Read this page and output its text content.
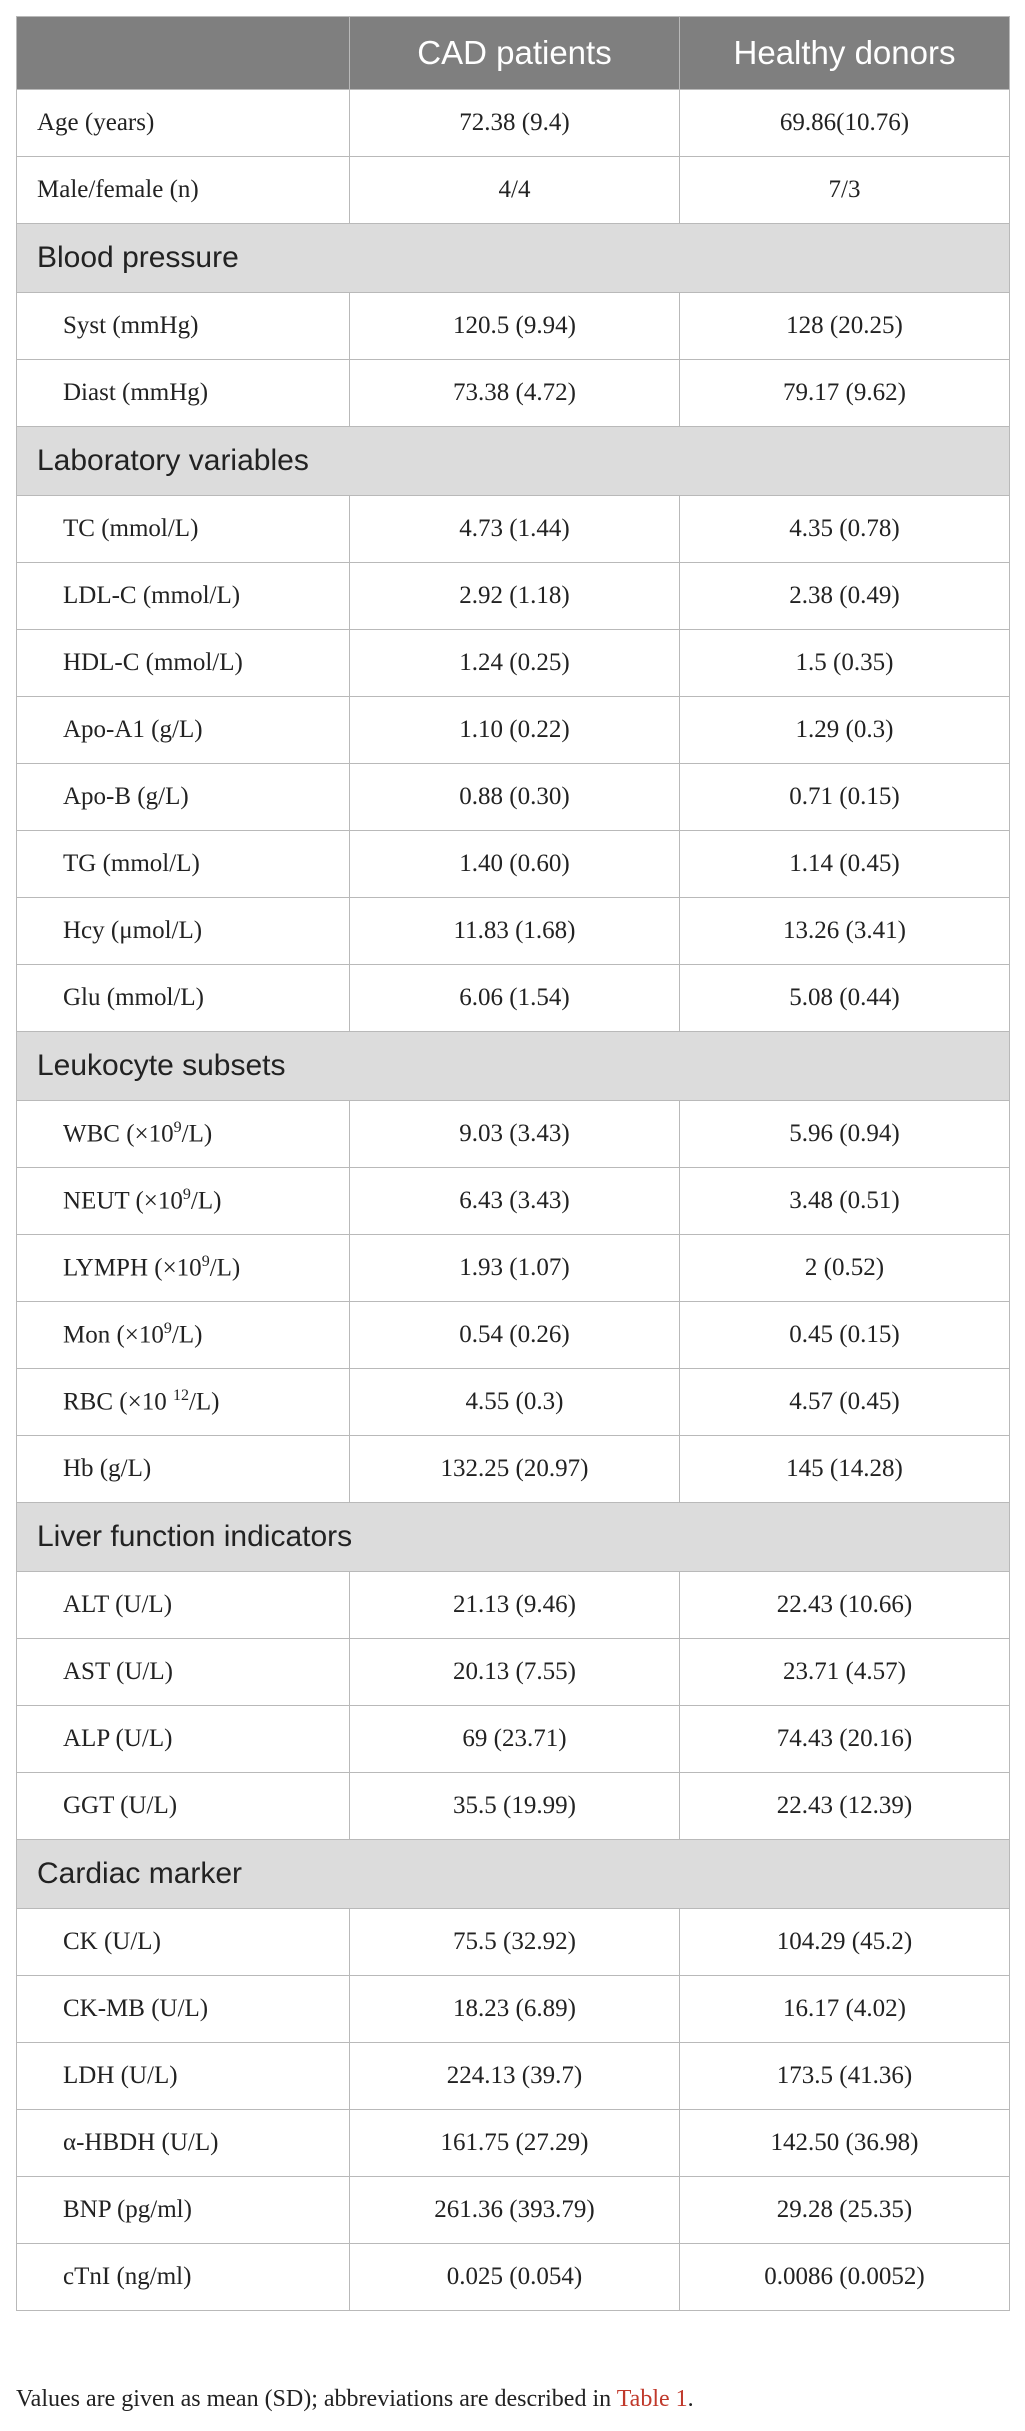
	CAD patients	Healthy donors
Age (years)	72.38 (9.4)	69.86(10.76)
Male/female (n)	4/4	7/3
Blood pressure		
Syst (mmHg)	120.5 (9.94)	128 (20.25)
Diast (mmHg)	73.38 (4.72)	79.17 (9.62)
Laboratory variables		
TC (mmol/L)	4.73 (1.44)	4.35 (0.78)
LDL-C (mmol/L)	2.92 (1.18)	2.38 (0.49)
HDL-C (mmol/L)	1.24 (0.25)	1.5 (0.35)
Apo-A1 (g/L)	1.10 (0.22)	1.29 (0.3)
Apo-B (g/L)	0.88 (0.30)	0.71 (0.15)
TG (mmol/L)	1.40 (0.60)	1.14 (0.45)
Hcy (μmol/L)	11.83 (1.68)	13.26 (3.41)
Glu (mmol/L)	6.06 (1.54)	5.08 (0.44)
Leukocyte subsets		
WBC $(\times 10^9/L)$	9.03 (3.43)	5.96 (0.94)
NEUT $(\times 10^9/L)$	6.43 (3.43)	3.48 (0.51)
LYMPH $(\times 10^9/L)$	1.93 (1.07)	2 (0.52)
Mon $(\times 10^9/L)$	0.54 (0.26)	0.45 (0.15)
RBC (×10 $^{12}$/L)	4.55 (0.3)	4.57 (0.45)
Hb (g/L)	132.25 (20.97)	145 (14.28)
Liver function indicators		
ALT (U/L)	21.13 (9.46)	22.43 (10.66)
AST (U/L)	20.13 (7.55)	23.71 (4.57)
ALP (U/L)	69 (23.71)	74.43 (20.16)
GGT (U/L)	35.5 (19.99)	22.43 (12.39)
Cardiac marker		
CK (U/L)	75.5 (32.92)	104.29 (45.2)
CK-MB (U/L)	18.23 (6.89)	16.17 (4.02)
LDH (U/L)	224.13 (39.7)	173.5 (41.36)
α-HBDH (U/L)	161.75 (27.29)	142.50 (36.98)
BNP (pg/ml)	261.36 (393.79)	29.28 (25.35)
cTnI (ng/ml)	0.025 (0.054)	0.0086 (0.0052)
Values are given as mean (SD); abbreviations are described in Table 1.
